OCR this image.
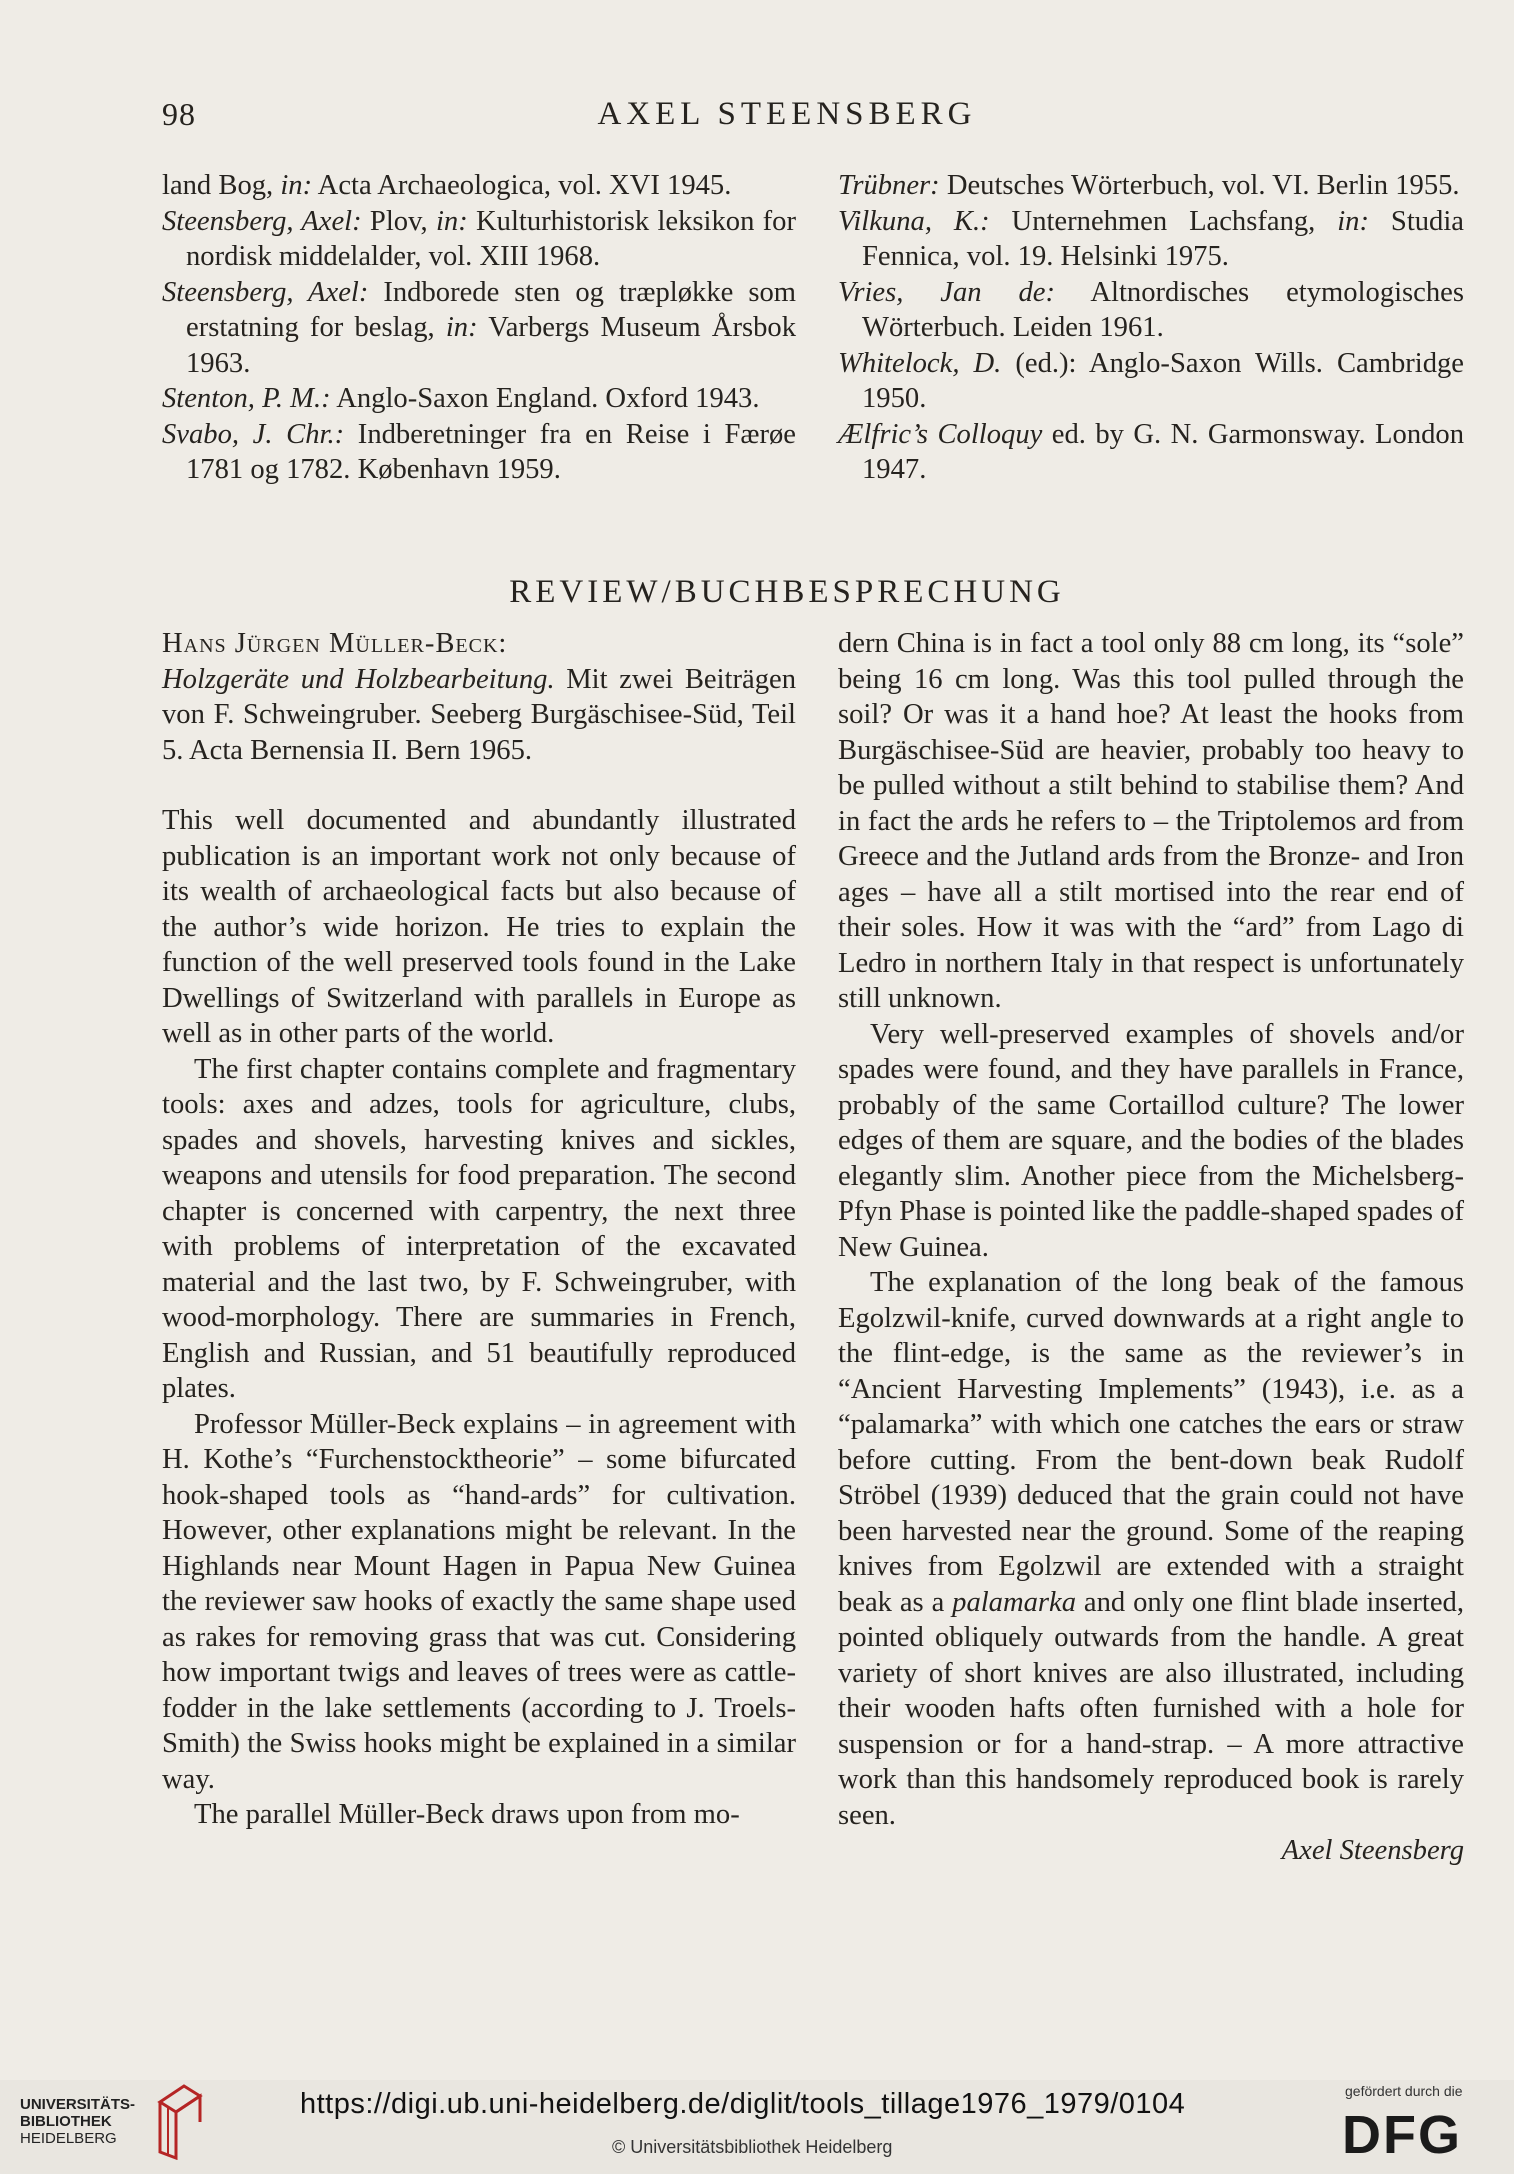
98	AXEL STEENSBERG

land Bog, in: Acta Archaeologica, vol. XVI 1945.

Steensberg, Axel: Plov, in: Kulturhistorisk leksikon for nordisk middelalder, vol. XIII 1968.

Steensberg, Axel: Indborede sten og træpløkke som erstatning for beslag, in: Varbergs Museum Årsbok 1963.

Stenton, P. M.: Anglo-Saxon England. Oxford 1943.

Svabo, J. Chr.: Indberetninger fra en Reise i Færøe 1781 og 1782. København 1959.

Trübner: Deutsches Wörterbuch, vol. VI. Berlin 1955.

Vilkuna, K.: Unternehmen Lachsfang, in: Studia Fennica, vol. 19. Helsinki 1975.

Vries, Jan de: Altnordisches etymologisches Wörterbuch. Leiden 1961.

Whitelock, D. (ed.): Anglo-Saxon Wills. Cambridge 1950.

Ælfric’s Colloquy ed. by G. N. Garmonsway. London 1947.

REVIEW/BUCHBESPRECHUNG

Hans Jürgen Müller-Beck:

Holzgeräte und Holzbearbeitung. Mit zwei Beiträgen von F. Schweingruber. Seeberg Burgäschisee-Süd, Teil 5. Acta Bernensia II. Bern 1965.

This well documented and abundantly illustrated publication is an important work not only because of its wealth of archaeological facts but also because of the author’s wide horizon. He tries to explain the function of the well preserved tools found in the Lake Dwellings of Switzerland with parallels in Europe as well as in other parts of the world.

The first chapter contains complete and fragmentary tools: axes and adzes, tools for agriculture, clubs, spades and shovels, harvesting knives and sickles, weapons and utensils for food preparation. The second chapter is concerned with carpentry, the next three with problems of interpretation of the excavated material and the last two, by F. Schweingruber, with wood-morphology. There are summaries in French, English and Russian, and 51 beautifully reproduced plates.

Professor Müller-Beck explains – in agreement with H. Kothe’s “Furchenstocktheorie” – some bifurcated hook-shaped tools as “hand-ards” for cultivation. However, other explanations might be relevant. In the Highlands near Mount Hagen in Papua New Guinea the reviewer saw hooks of exactly the same shape used as rakes for removing grass that was cut. Considering how important twigs and leaves of trees were as cattle-fodder in the lake settlements (according to J. Troels-Smith) the Swiss hooks might be explained in a similar way.

The parallel Müller-Beck draws upon from mo-

dern China is in fact a tool only 88 cm long, its “sole” being 16 cm long. Was this tool pulled through the soil? Or was it a hand hoe? At least the hooks from Burgäschisee-Süd are heavier, probably too heavy to be pulled without a stilt behind to stabilise them? And in fact the ards he refers to – the Triptolemos ard from Greece and the Jutland ards from the Bronze- and Iron ages – have all a stilt mortised into the rear end of their soles. How it was with the “ard” from Lago di Ledro in northern Italy in that respect is unfortunately still unknown.

Very well-preserved examples of shovels and/or spades were found, and they have parallels in France, probably of the same Cortaillod culture? The lower edges of them are square, and the bodies of the blades elegantly slim. Another piece from the Michelsberg-Pfyn Phase is pointed like the paddle-shaped spades of New Guinea.

The explanation of the long beak of the famous Egolzwil-knife, curved downwards at a right angle to the flint-edge, is the same as the reviewer’s in “Ancient Harvesting Implements” (1943), i.e. as a “palamarka” with which one catches the ears or straw before cutting. From the bent-down beak Rudolf Ströbel (1939) deduced that the grain could not have been harvested near the ground. Some of the reaping knives from Egolzwil are extended with a straight beak as a palamarka and only one flint blade inserted, pointed obliquely outwards from the handle. A great variety of short knives are also illustrated, including their wooden hafts often furnished with a hole for suspension or for a hand-strap. – A more attractive work than this handsomely reproduced book is rarely seen.

Axel Steensberg

UNIVERSITÄTS-
BIBLIOTHEK
HEIDELBERG
https://digi.ub.uni-heidelberg.de/diglit/tools_tillage1976_1979/0104
© Universitätsbibliothek Heidelberg
gefördert durch die
DFG
